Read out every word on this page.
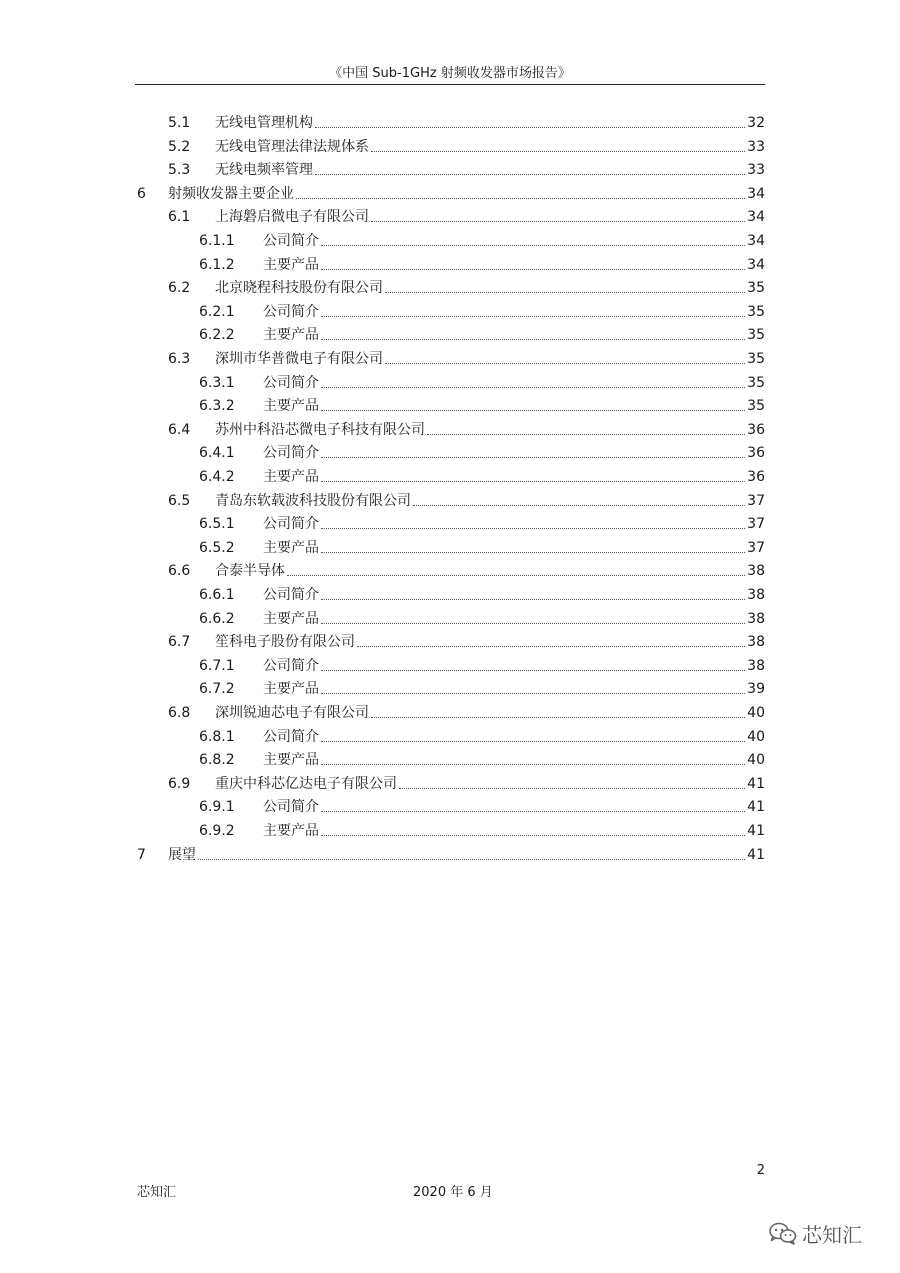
《中国 Sub-1GHz 射频收发器市场报告》
5.1	无线电管理机构	32
5.2	无线电管理法律法规体系	33
5.3	无线电频率管理	33
6	射频收发器主要企业	34
6.1	上海磐启微电子有限公司	34
6.1.1	公司简介	34
6.1.2	主要产品	34
6.2	北京晓程科技股份有限公司	35
6.2.1	公司简介	35
6.2.2	主要产品	35
6.3	深圳市华普微电子有限公司	35
6.3.1	公司简介	35
6.3.2	主要产品	35
6.4	苏州中科沿芯微电子科技有限公司	36
6.4.1	公司简介	36
6.4.2	主要产品	36
6.5	青岛东软载波科技股份有限公司	37
6.5.1	公司简介	37
6.5.2	主要产品	37
6.6	合泰半导体	38
6.6.1	公司简介	38
6.6.2	主要产品	38
6.7	笙科电子股份有限公司	38
6.7.1	公司简介	38
6.7.2	主要产品	39
6.8	深圳锐迪芯电子有限公司	40
6.8.1	公司简介	40
6.8.2	主要产品	40
6.9	重庆中科芯亿达电子有限公司	41
6.9.1	公司简介	41
6.9.2	主要产品	41
7	展望	41
2
芯知汇	2020 年 6 月
芯知汇
